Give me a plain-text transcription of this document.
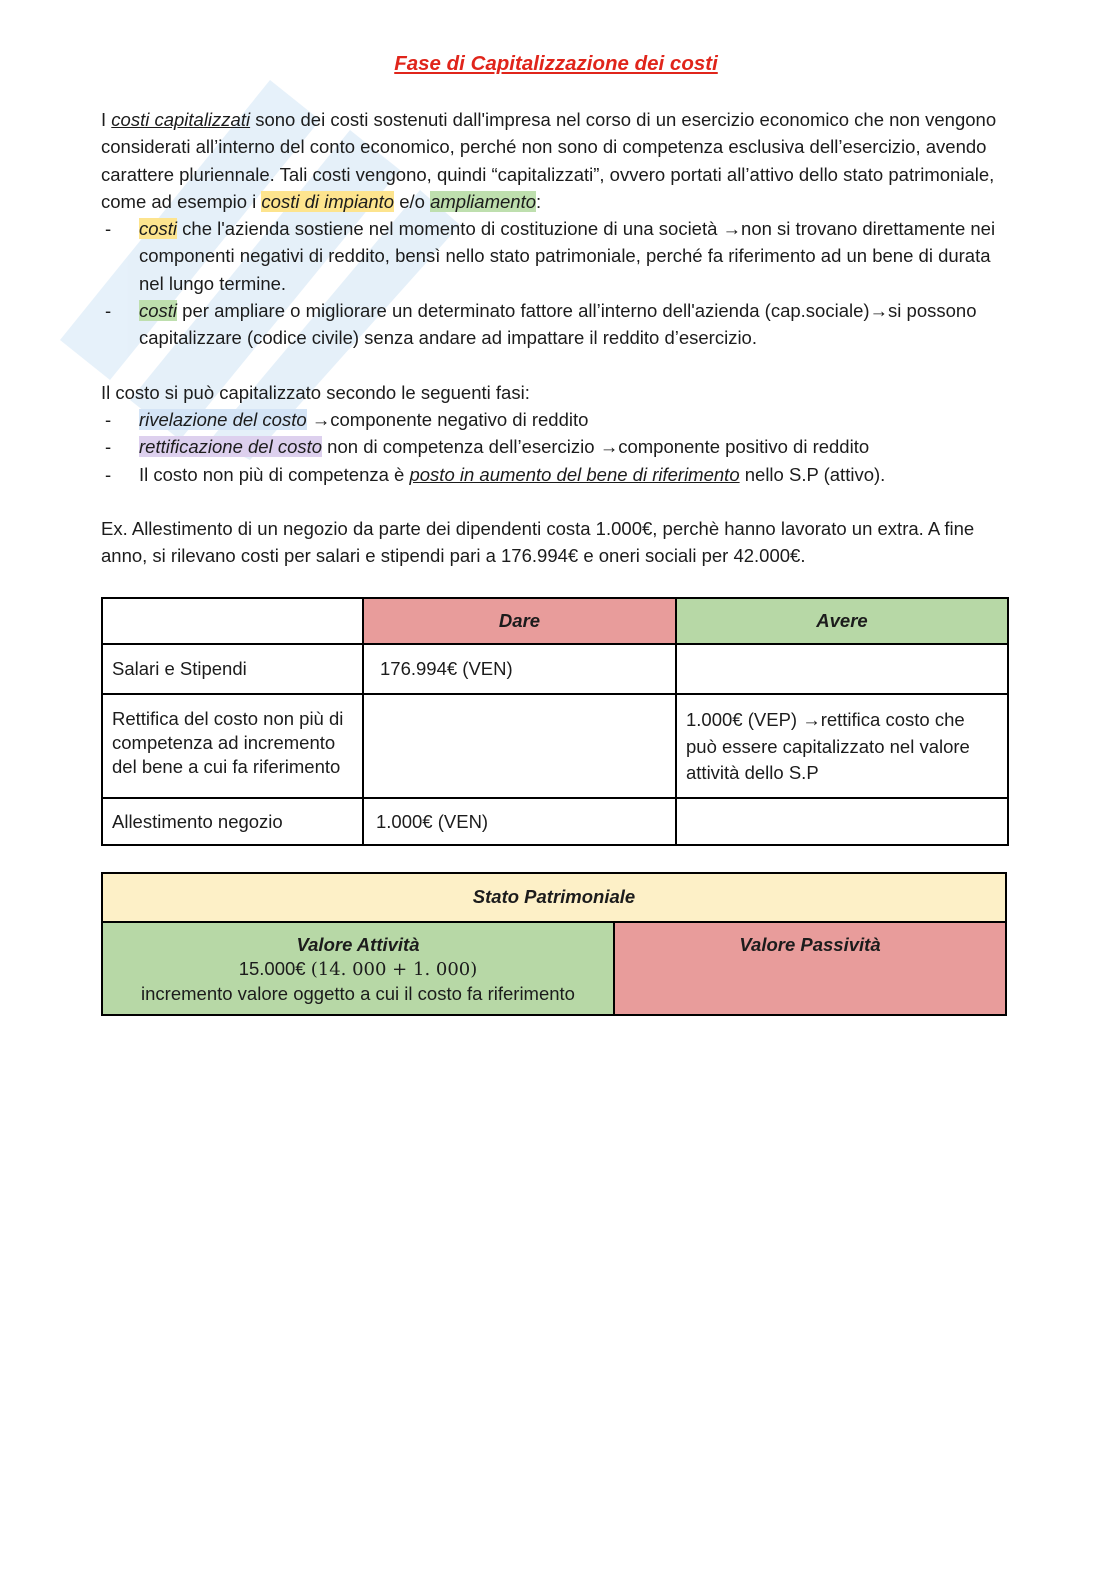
Fase di Capitalizzazione dei costi

I costi capitalizzati sono dei costi sostenuti dall'impresa nel corso di un esercizio economico che non vengono considerati all’interno del conto economico, perché non sono di competenza esclusiva dell’esercizio, avendo carattere pluriennale. Tali costi vengono, quindi “capitalizzati”, ovvero portati all’attivo dello stato patrimoniale, come ad esempio i costi di impianto e/o ampliamento:

- costi che l'azienda sostiene nel momento di costituzione di una società →non si trovano direttamente nei componenti negativi di reddito, bensì nello stato patrimoniale, perché fa riferimento ad un bene di durata nel lungo termine.
- costi per ampliare o migliorare un determinato fattore all’interno dell'azienda (cap.sociale)→si possono capitalizzare (codice civile) senza andare ad impattare il reddito d’esercizio.

Il costo si può capitalizzato secondo le seguenti fasi:

- rivelazione del costo →componente negativo di reddito
- rettificazione del costo non di competenza dell’esercizio →componente positivo di reddito
- Il costo non più di competenza è posto in aumento del bene di riferimento nello S.P (attivo).

Ex. Allestimento di un negozio da parte dei dipendenti costa 1.000€, perchè hanno lavorato un extra. A fine anno, si rilevano costi per salari e stipendi pari a 176.994€ e oneri sociali per 42.000€.

	Dare	Avere
Salari e Stipendi	176.994€ (VEN)	
Rettifica del costo non più di competenza ad incremento del bene a cui fa riferimento		1.000€ (VEP) →rettifica costo che può essere capitalizzato nel valore attività dello S.P
Allestimento negozio	1.000€ (VEN)	
Stato Patrimoniale

Valore Attività
15.000€ (14. 000 + 1. 000)
incremento valore oggetto a cui il costo fa riferimento

Valore Passività
